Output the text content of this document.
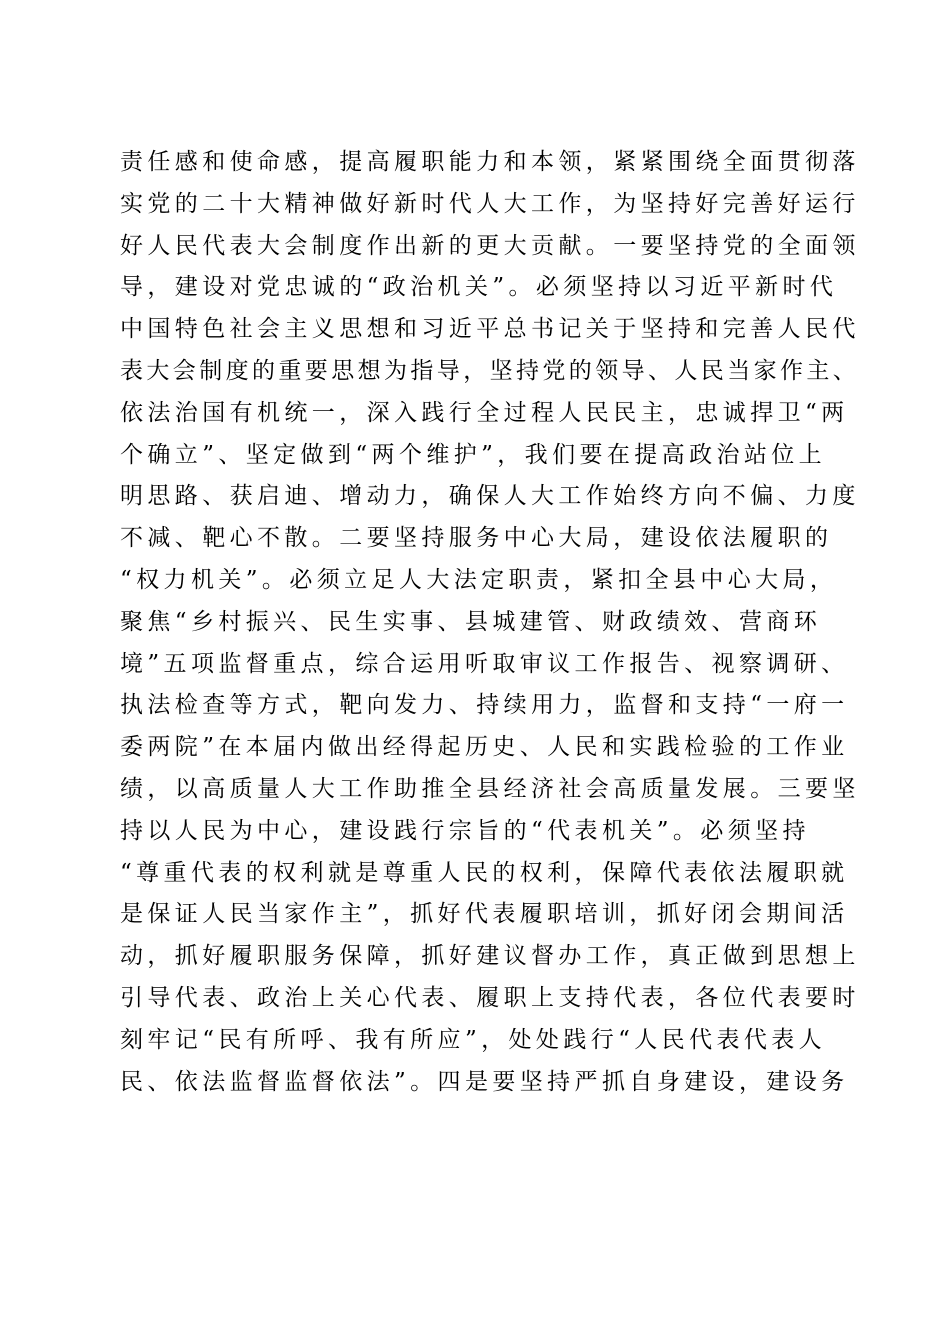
责任感和使命感，提高履职能力和本领，紧紧围绕全面贯彻落
实党的二十大精神做好新时代人大工作，为坚持好完善好运行
好人民代表大会制度作出新的更大贡献。一要坚持党的全面领
导，建设对党忠诚的“政治机关”。必须坚持以习近平新时代
中国特色社会主义思想和习近平总书记关于坚持和完善人民代
表大会制度的重要思想为指导，坚持党的领导、人民当家作主、
依法治国有机统一，深入践行全过程人民民主，忠诚捍卫“两
个确立”、坚定做到“两个维护”，我们要在提高政治站位上
明思路、获启迪、增动力，确保人大工作始终方向不偏、力度
不减、靶心不散。二要坚持服务中心大局，建设依法履职的
“权力机关”。必须立足人大法定职责，紧扣全县中心大局，
聚焦“乡村振兴、民生实事、县城建管、财政绩效、营商环
境”五项监督重点，综合运用听取审议工作报告、视察调研、
执法检查等方式，靶向发力、持续用力，监督和支持“一府一
委两院”在本届内做出经得起历史、人民和实践检验的工作业
绩，以高质量人大工作助推全县经济社会高质量发展。三要坚
持以人民为中心，建设践行宗旨的“代表机关”。必须坚持
“尊重代表的权利就是尊重人民的权利，保障代表依法履职就
是保证人民当家作主”，抓好代表履职培训，抓好闭会期间活
动，抓好履职服务保障，抓好建议督办工作，真正做到思想上
引导代表、政治上关心代表、履职上支持代表，各位代表要时
刻牢记“民有所呼、我有所应”，处处践行“人民代表代表人
民、依法监督监督依法”。四是要坚持严抓自身建设，建设务
